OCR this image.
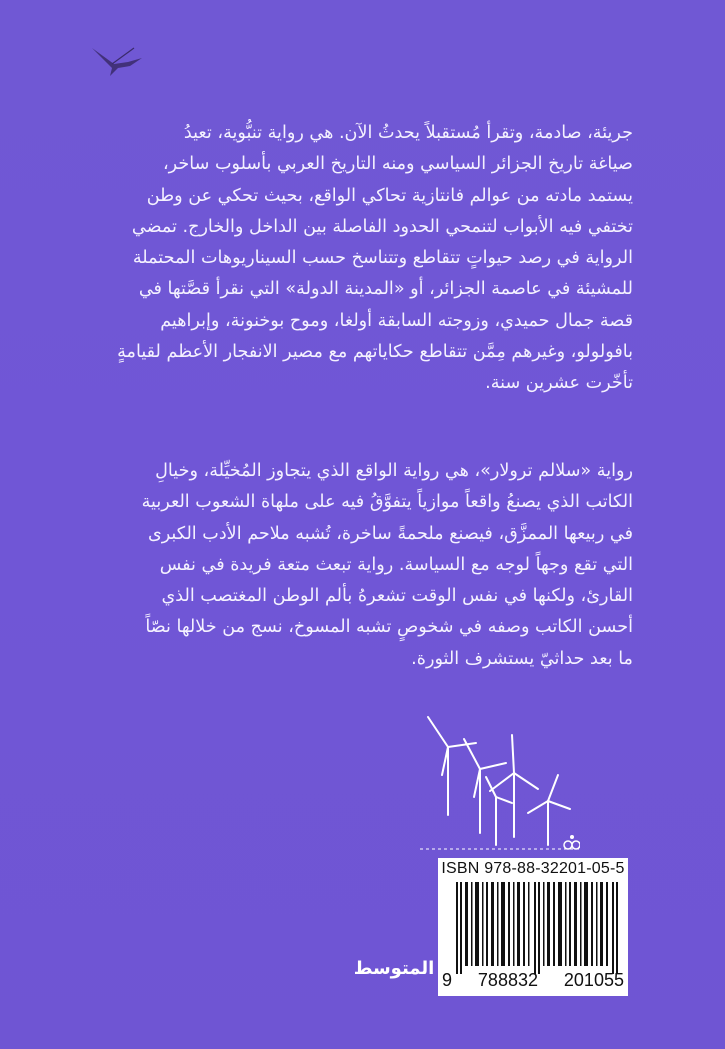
جريئة، صادمة، وتقرأ مُستقبلاً يحدثُ الآن. هي رواية تنبُّوية، تعيدُ
صياغة تاريخ الجزائر السياسي ومنه التاريخ العربي بأسلوب ساخر،
يستمد مادته من عوالم فانتازية تحاكي الواقع، بحيث تحكي عن وطن
تختفي فيه الأبواب لتنمحي الحدود الفاصلة بين الداخل والخارج. تمضي
الرواية في رصد حيواتٍ تتقاطع وتتناسخ حسب السيناريوهات المحتملة
للمشيئة في عاصمة الجزائر، أو «المدينة الدولة» التي نقرأ قصَّتها في
قصة جمال حميدي، وزوجته السابقة أولغا، وموح بوخنونة، وإبراهيم
بافولولو، وغيرهم مِمَّن تتقاطع حكاياتهم مع مصير الانفجار الأعظم لقيامةٍ
تأخّرت عشرين سنة.
رواية «سلالم ترولار»، هي رواية الواقع الذي يتجاوز المُخيِّلة، وخيالِ
الكاتب الذي يصنعُ واقعاً موازياً يتفوَّقُ فيه على ملهاة الشعوب العربية
في ربيعها الممزَّق، فيصنع ملحمةً ساخرة، تُشبه ملاحم الأدب الكبرى
التي تقع وجهاً لوجه مع السياسة. رواية تبعث متعة فريدة في نفس
القارئ، ولكنها في نفس الوقت تشعرهُ بألم الوطن المغتصب الذي
أحسن الكاتب وصفه في شخوصٍ تشبه المسوخ، نسج من خلالها نصّاً
ما بعد حداثيّ يستشرف الثورة.
ISBN 978-88-32201-05-5
9 788832 201055
المتوسط
